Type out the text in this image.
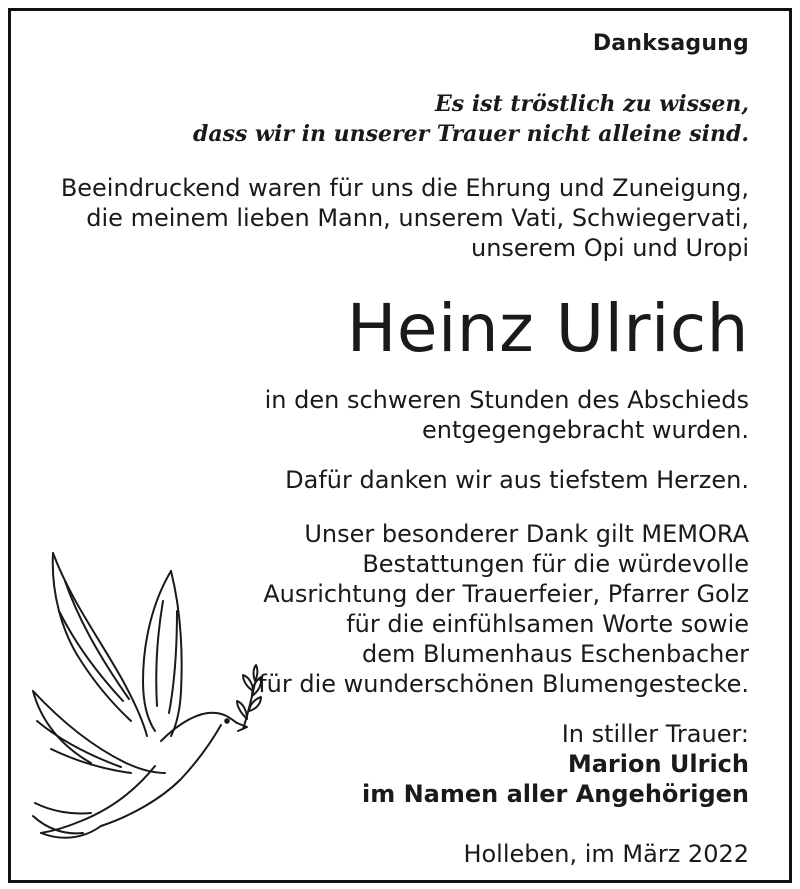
Danksagung
Es ist tröstlich zu wissen,
dass wir in unserer Trauer nicht alleine sind.
Beeindruckend waren für uns die Ehrung und Zuneigung,
die meinem lieben Mann, unserem Vati, Schwiegervati,
unserem Opi und Uropi
Heinz Ulrich
in den schweren Stunden des Abschieds
entgegengebracht wurden.
Dafür danken wir aus tiefstem Herzen.
Unser besonderer Dank gilt MEMORA
Bestattungen für die würdevolle
Ausrichtung der Trauerfeier, Pfarrer Golz
für die einfühlsamen Worte sowie
dem Blumenhaus Eschenbacher
für die wunderschönen Blumengestecke.
In stiller Trauer:
Marion Ulrich
im Namen aller Angehörigen
Holleben, im März 2022
